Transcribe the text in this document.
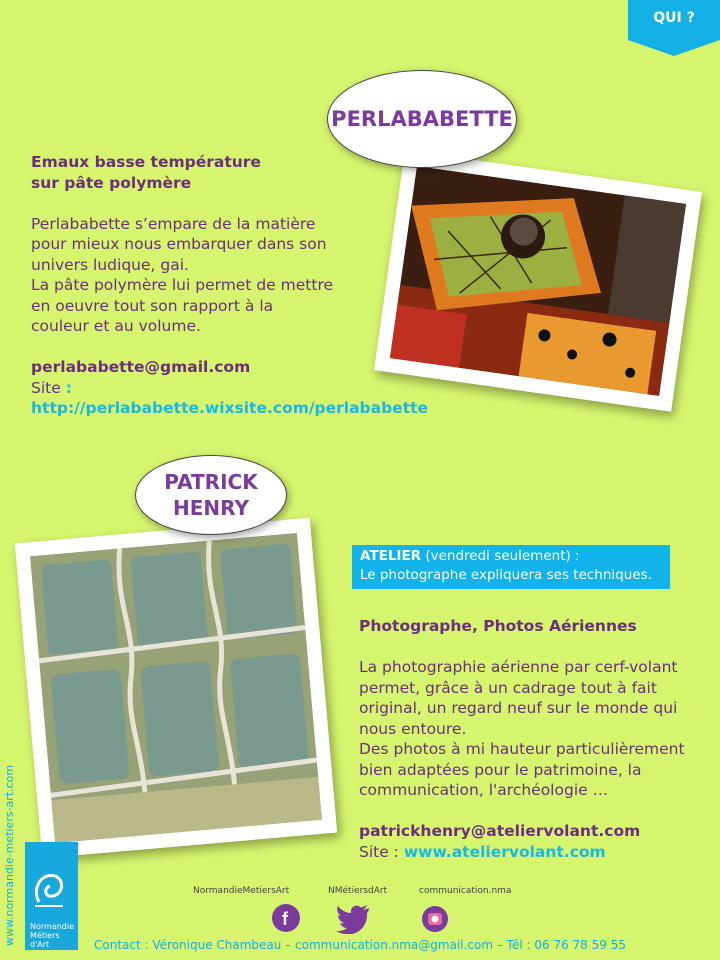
QUI ?
PERLABABETTE
Emaux basse température
sur pâte polymère
Perlababette s’empare de la matière
pour mieux nous embarquer dans son
univers ludique, gai.
La pâte polymère lui permet de mettre
en oeuvre tout son rapport à la
couleur et au volume.
perlababette@gmail.com
Site : http://perlababette.wixsite.com/perlababette
PATRICK
HENRY
ATELIER (vendredi seulement) :
Le photographe expliquera ses techniques.
Photographe, Photos Aériennes
La photographie aérienne par cerf-volant
permet, grâce à un cadrage tout à fait
original, un regard neuf sur le monde qui
nous entoure.
Des photos à mi hauteur particulièrement
bien adaptées pour le patrimoine, la
communication, l'archéologie …
patrickhenry@ateliervolant.com
Site : www.ateliervolant.com
www.normandie-metiers-art.com Normandie
Métiers
d'Art
NormandieMetiersArt	NMétiersdArt	communication.nma
f
Contact : Véronique Chambeau – communication.nma@gmail.com – Tél : 06 76 78 59 55
